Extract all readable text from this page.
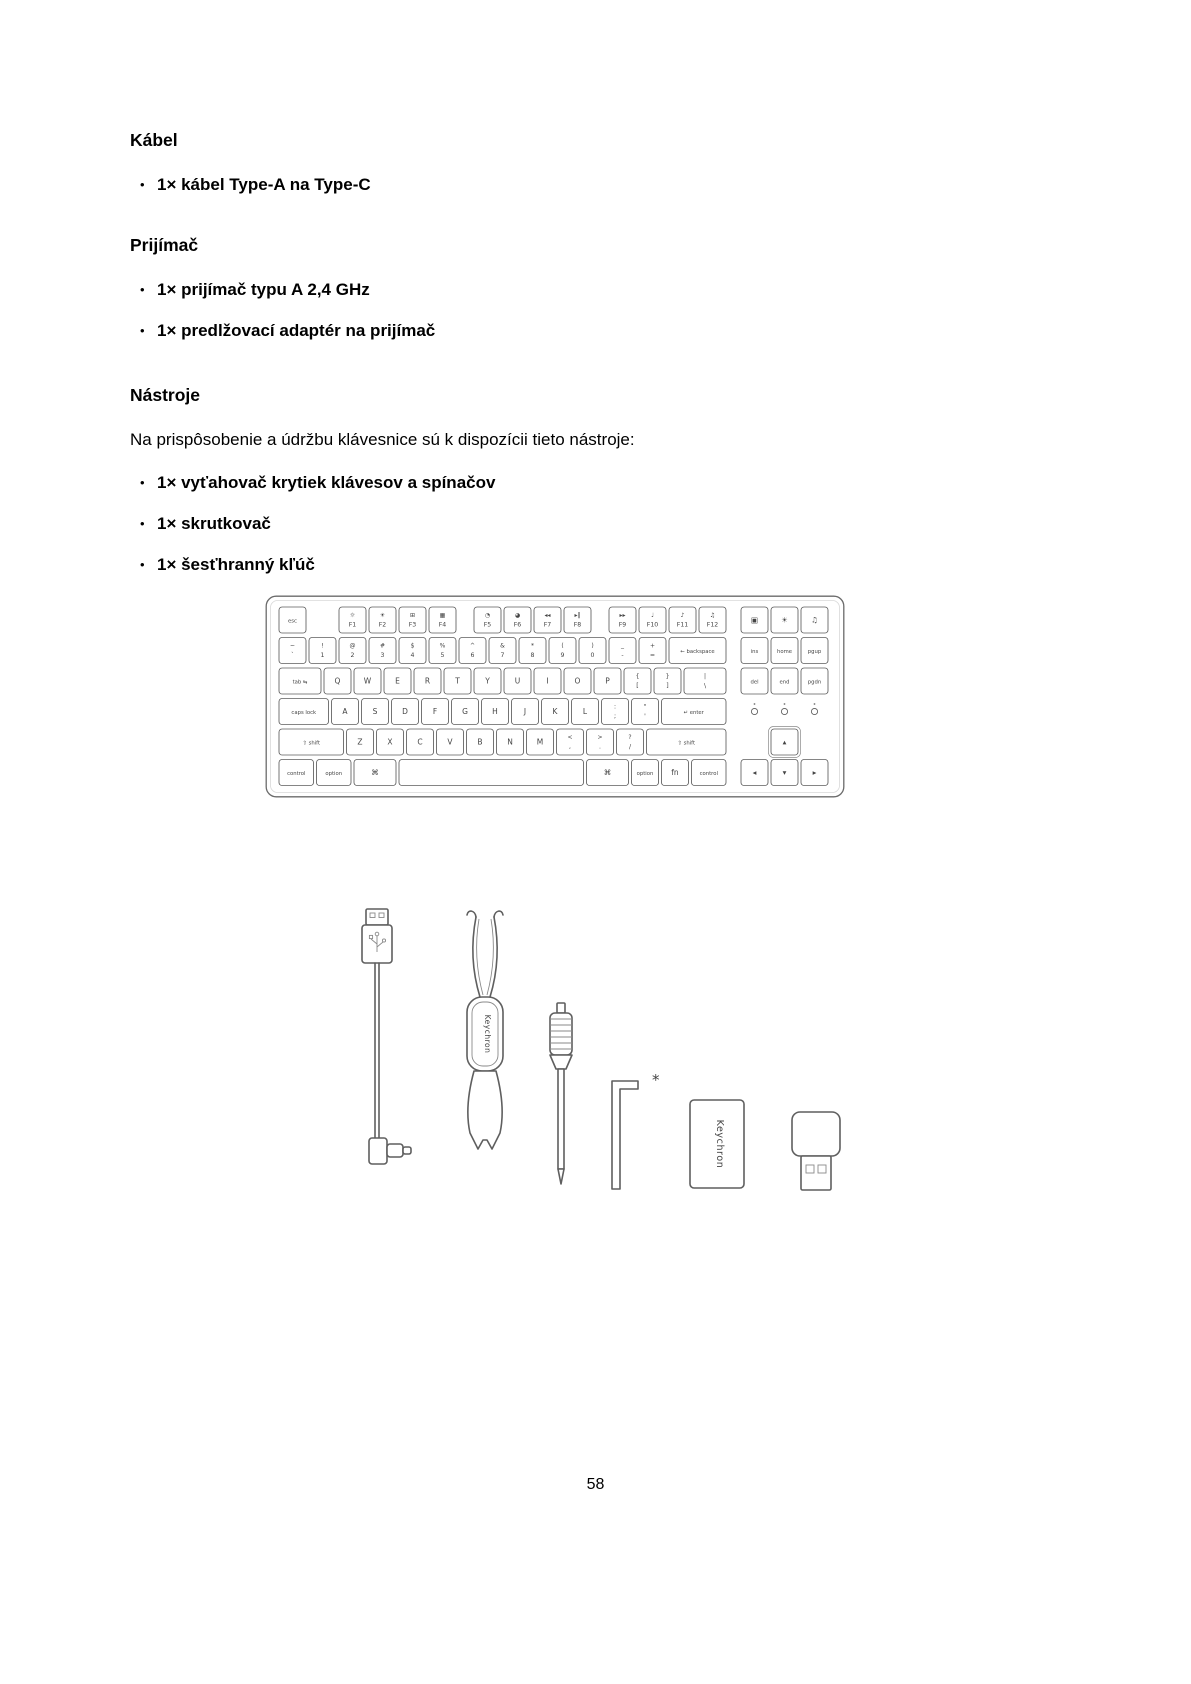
Kábel
• 1× kábel Type-A na Type-C
Prijímač
• 1× prijímač typu A 2,4 GHz
• 1× predlžovací adaptér na prijímač
Nástroje

Na prispôsobenie a údržbu klávesnice sú k dispozícii tieto nástroje:

• 1× vyťahovač krytiek klávesov a spínačov
• 1× skrutkovač
• 1× šesťhranný kľúč
esc
☼
F1
☀
F2
⊞
F3
▦
F4
◔
F5
◕
F6
◂◂
F7
▸‖
F8
▸▸
F9
♩
F10
♪
F11
♫
F12
▣	☀	♫
~
`
!
1
@
2
#
3
$
4
%
5
^
6
&
7
*
8
(
9
)
0
_
-
+
=	← backspace	ins	home	pgup
tab ⇆	Q	W	E	R	T	Y	U	I	O	P
{
[
}
]
|
\	del	end	pgdn
caps lock	A	S	D	F	G	H	J	K	L
:
;
"
'	↵ enter
⇧ shift	Z	X	C	V	B	N	M
<
,
>
.
?
/	⇧ shift	▴
control	option	⌘	⌘	option fn	control	◂	▾	▸
Keychron
*
Keychron
58
